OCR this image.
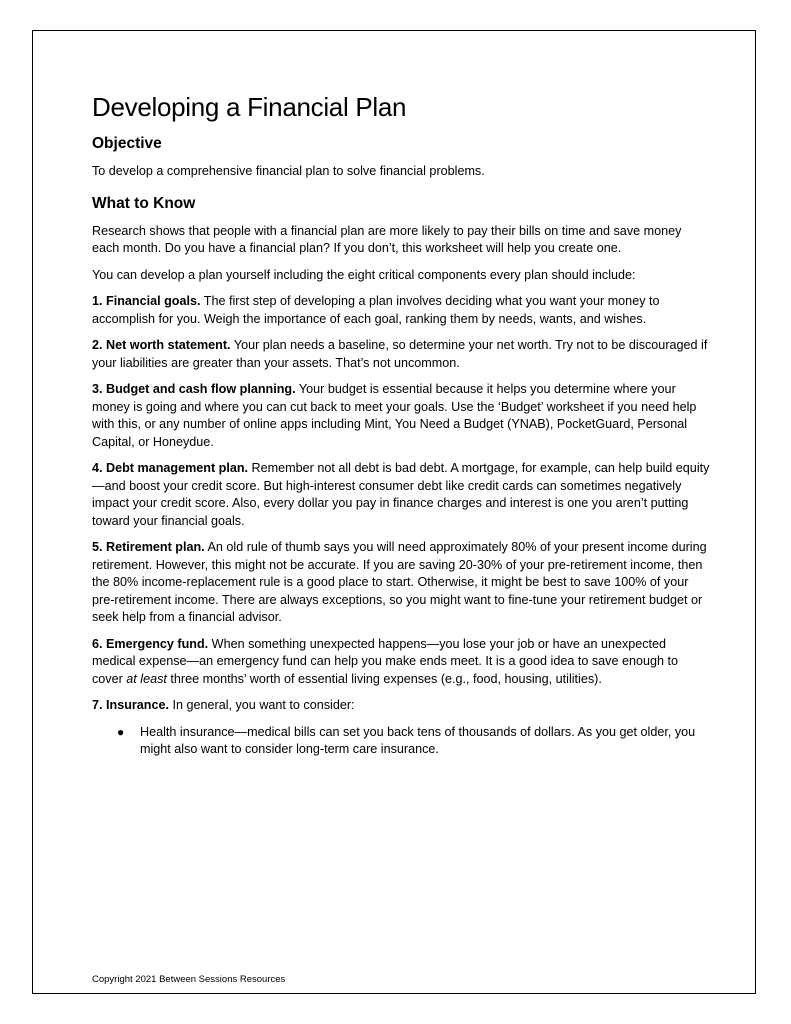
Developing a Financial Plan
Objective

To develop a comprehensive financial plan to solve financial problems.

What to Know

Research shows that people with a financial plan are more likely to pay their bills on time and save money each month. Do you have a financial plan? If you don’t, this worksheet will help you create one.

You can develop a plan yourself including the eight critical components every plan should include:

1. Financial goals. The first step of developing a plan involves deciding what you want your money to accomplish for you. Weigh the importance of each goal, ranking them by needs, wants, and wishes.

2. Net worth statement. Your plan needs a baseline, so determine your net worth. Try not to be discouraged if your liabilities are greater than your assets. That’s not uncommon.

3. Budget and cash flow planning. Your budget is essential because it helps you determine where your money is going and where you can cut back to meet your goals. Use the ‘Budget’ worksheet if you need help with this, or any number of online apps including Mint, You Need a Budget (YNAB), PocketGuard, Personal Capital, or Honeydue.

4. Debt management plan. Remember not all debt is bad debt. A mortgage, for example, can help build equity—and boost your credit score. But high-interest consumer debt like credit cards can sometimes negatively impact your credit score. Also, every dollar you pay in finance charges and interest is one you aren’t putting toward your financial goals.

5. Retirement plan. An old rule of thumb says you will need approximately 80% of your present income during retirement. However, this might not be accurate. If you are saving 20-30% of your pre-retirement income, then the 80% income-replacement rule is a good place to start. Otherwise, it might be best to save 100% of your pre-retirement income. There are always exceptions, so you might want to fine-tune your retirement budget or seek help from a financial advisor.

6. Emergency fund. When something unexpected happens—you lose your job or have an unexpected medical expense—an emergency fund can help you make ends meet. It is a good idea to save enough to cover at least three months’ worth of essential living expenses (e.g., food, housing, utilities).

7. Insurance. In general, you want to consider:

● Health insurance—medical bills can set you back tens of thousands of dollars. As you get older, you might also want to consider long-term care insurance.
Copyright 2021 Between Sessions Resources
